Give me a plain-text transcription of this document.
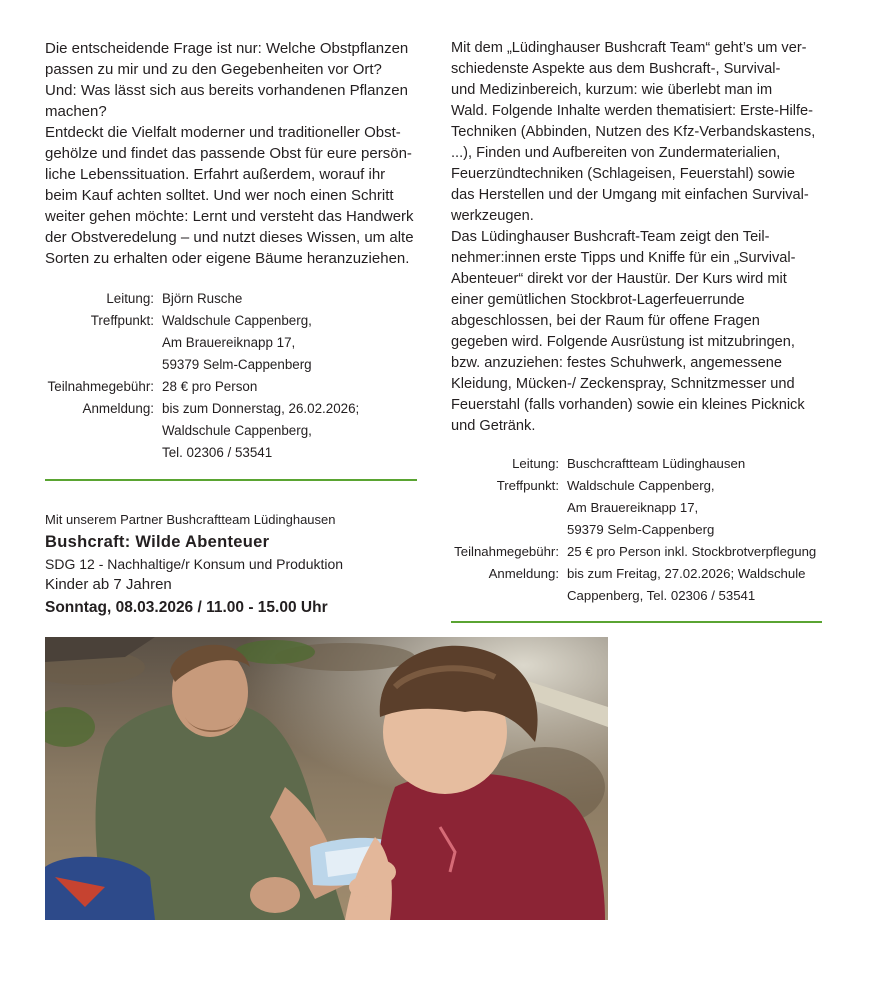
Die entscheidende Frage ist nur: Welche Obstpflanzen
passen zu mir und zu den Gegebenheiten vor Ort?
Und: Was lässt sich aus bereits vorhandenen Pflanzen
machen?

Entdeckt die Vielfalt moderner und traditioneller Obst-
gehölze und findet das passende Obst für eure persön-
liche Lebenssituation. Erfahrt außerdem, worauf ihr
beim Kauf achten solltet. Und wer noch einen Schritt
weiter gehen möchte: Lernt und versteht das Handwerk
der Obstveredelung – und nutzt dieses Wissen, um alte
Sorten zu erhalten oder eigene Bäume heranzuziehen.

Leitung: Björn Rusche
Treffpunkt: Waldschule Cappenberg,
Am Brauereiknapp 17,
59379 Selm-Cappenberg
Teilnahmegebühr: 28 € pro Person
Anmeldung: bis zum Donnerstag, 26.02.2026;
Waldschule Cappenberg,
Tel. 02306 / 53541
Mit unserem Partner Bushcraftteam Lüdinghausen
Bushcraft: Wilde Abenteuer
SDG 12 - Nachhaltige/r Konsum und Produktion
Kinder ab 7 Jahren
Sonntag, 08.03.2026 / 11.00 - 15.00 Uhr

Mit dem „Lüdinghauser Bushcraft Team“ geht’s um ver-
schiedenste Aspekte aus dem Bushcraft-, Survival-
und Medizinbereich, kurzum: wie überlebt man im
Wald. Folgende Inhalte werden thematisiert: Erste-Hilfe-
Techniken (Abbinden, Nutzen des Kfz-Verbandskastens,
...), Finden und Aufbereiten von Zundermaterialien,
Feuerzündtechniken (Schlageisen, Feuerstahl) sowie
das Herstellen und der Umgang mit einfachen Survival-
werkzeugen.

Das Lüdinghauser Bushcraft-Team zeigt den Teil-
nehmer:innen erste Tipps und Kniffe für ein „Survival-
Abenteuer“ direkt vor der Haustür. Der Kurs wird mit
einer gemütlichen Stockbrot-Lagerfeuerrunde
abgeschlossen, bei der Raum für offene Fragen
gegeben wird. Folgende Ausrüstung ist mitzubringen,
bzw. anzuziehen: festes Schuhwerk, angemessene
Kleidung, Mücken-/ Zeckenspray, Schnitzmesser und
Feuerstahl (falls vorhanden) sowie ein kleines Picknick
und Getränk.

Leitung: Buschcraftteam Lüdinghausen
Treffpunkt: Waldschule Cappenberg,
Am Brauereiknapp 17,
59379 Selm-Cappenberg
Teilnahmegebühr: 25 € pro Person inkl. Stockbrotverpflegung
Anmeldung: bis zum Freitag, 27.02.2026; Waldschule
Cappenberg, Tel. 02306 / 53541
